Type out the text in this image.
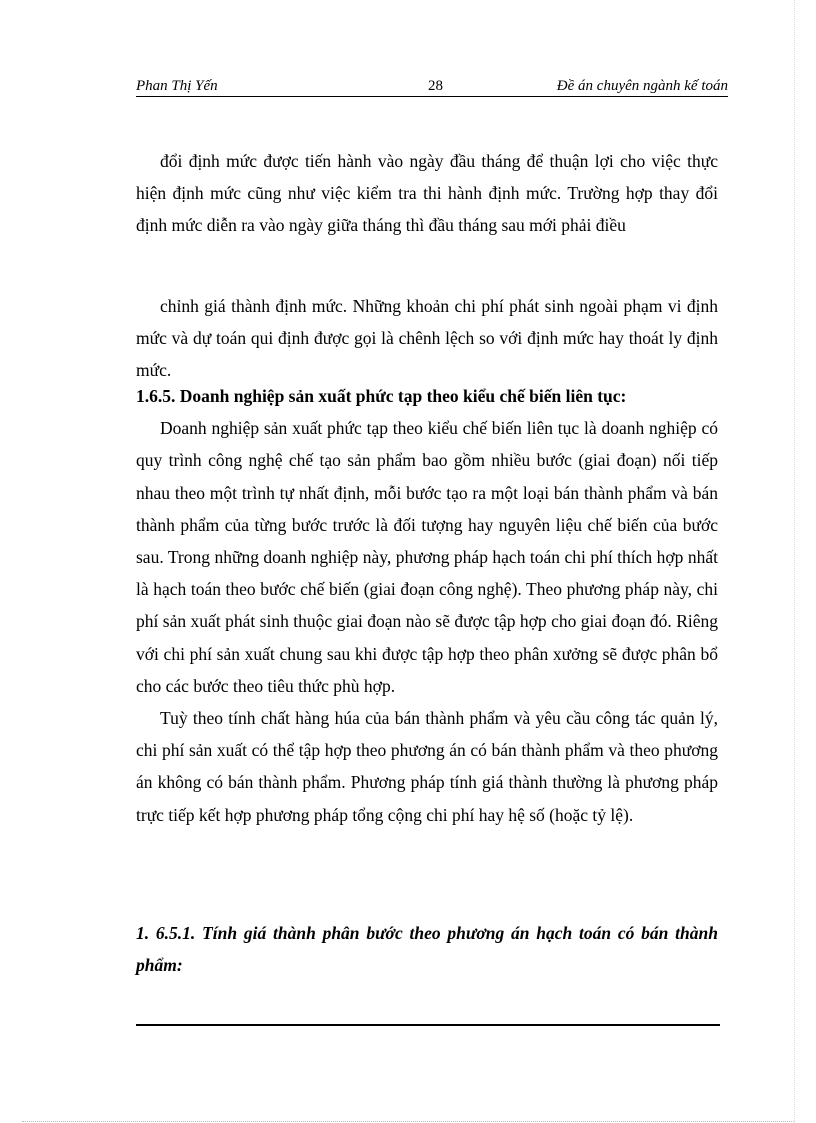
Phan Thị Yến	28	Đề án chuyên ngành kế toán

đổi định mức được tiến hành vào ngày đầu tháng để thuận lợi cho việc thực hiện định mức cũng như việc kiểm tra thi hành định mức. Trường hợp thay đổi định mức diễn ra vào ngày giữa tháng thì đầu tháng sau mới phải điều

chỉnh giá thành định mức. Những khoản chi phí phát sinh ngoài phạm vi định mức và dự toán qui định được gọi là chênh lệch so với định mức hay thoát ly định mức.

1.6.5. Doanh nghiệp sản xuất phức tạp theo kiểu chế biến liên tục:

Doanh nghiệp sản xuất phức tạp theo kiểu chế biến liên tục là doanh nghiệp có quy trình công nghệ chế tạo sản phẩm bao gồm nhiều bước (giai đoạn) nối tiếp nhau theo một trình tự nhất định, mỗi bước tạo ra một loại bán thành phẩm và bán thành phẩm của từng bước trước là đối tượng hay nguyên liệu chế biến của bước sau. Trong những doanh nghiệp này, phương pháp hạch toán chi phí thích hợp nhất là hạch toán theo bước chế biến (giai đoạn công nghệ). Theo phương pháp này, chi phí sản xuất phát sinh thuộc giai đoạn nào sẽ được tập hợp cho giai đoạn đó. Riêng với chi phí sản xuất chung sau khi được tập hợp theo phân xưởng sẽ được phân bổ cho các bước theo tiêu thức phù hợp.

Tuỳ theo tính chất hàng húa của bán thành phẩm và yêu cầu công tác quản lý, chi phí sản xuất có thể tập hợp theo phương án có bán thành phẩm và theo phương án không có bán thành phẩm. Phương pháp tính giá thành thường là phương pháp trực tiếp kết hợp phương pháp tổng cộng chi phí hay hệ số (hoặc tỷ lệ).

1. 6.5.1. Tính giá thành phân bước theo phương án hạch toán có bán thành phẩm:
